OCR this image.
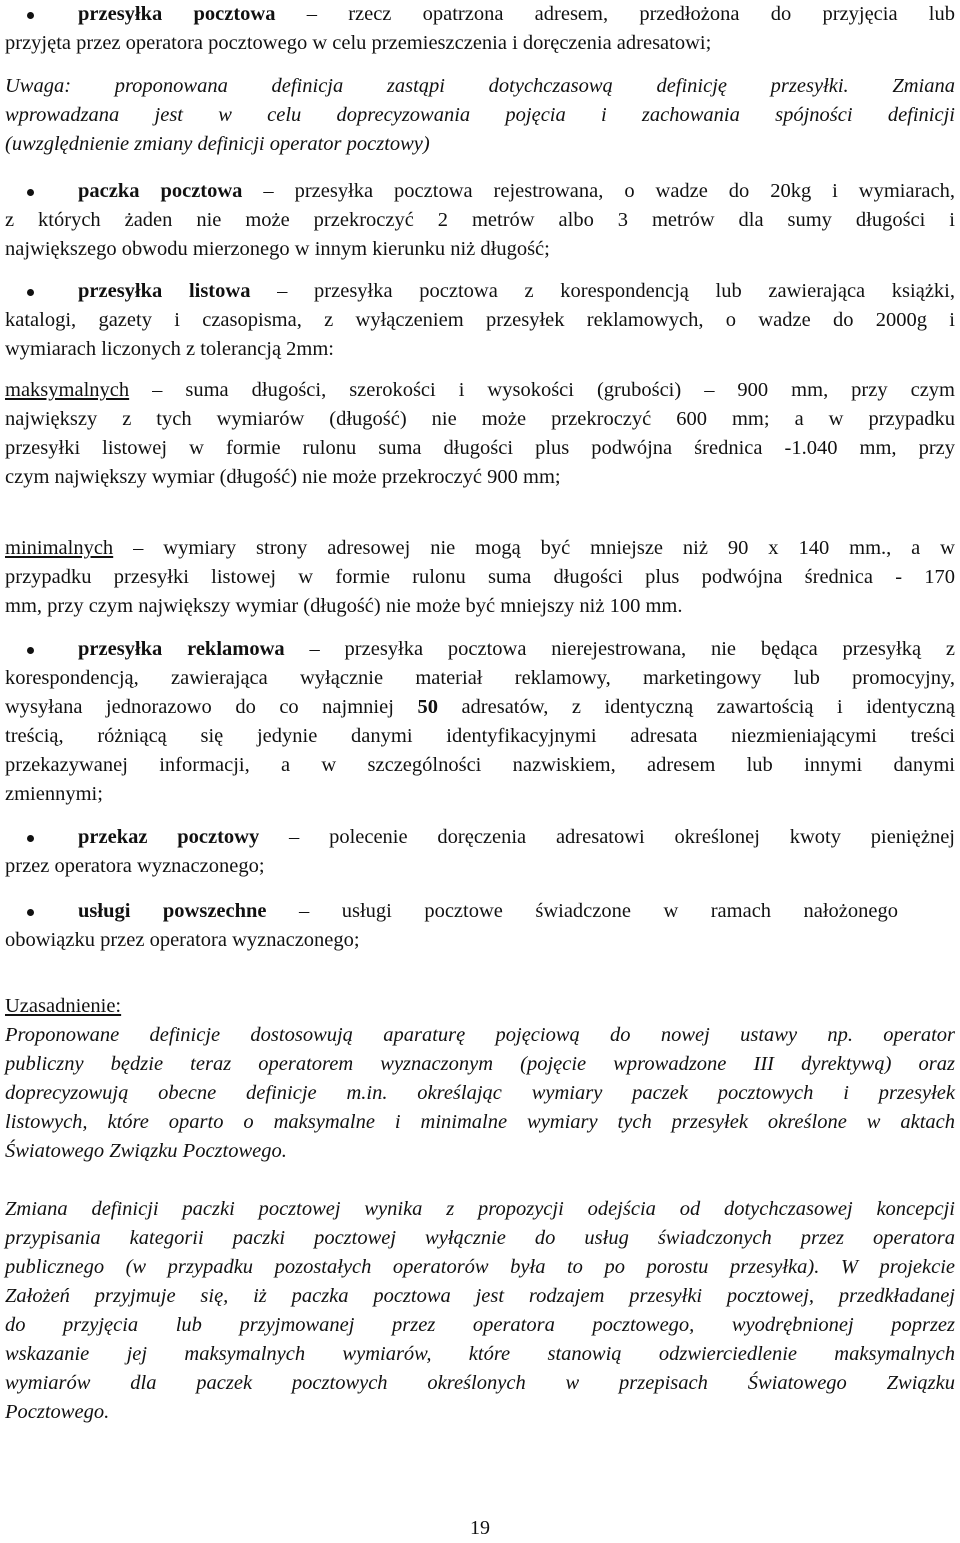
przesyłka pocztowa – rzecz opatrzona adresem, przedłożona do przyjęcia lub
przyjęta przez operatora pocztowego w celu przemieszczenia i doręczenia adresatowi;
Uwaga: proponowana definicja zastąpi dotychczasową definicję przesyłki. Zmiana
wprowadzana jest w celu doprecyzowania pojęcia i zachowania spójności definicji
(uwzględnienie zmiany definicji operator pocztowy)
paczka pocztowa – przesyłka pocztowa rejestrowana, o wadze do 20kg i wymiarach,
z których żaden nie może przekroczyć 2 metrów albo 3 metrów dla sumy długości i
największego obwodu mierzonego w innym kierunku niż długość;
przesyłka listowa – przesyłka pocztowa z korespondencją lub zawierająca książki,
katalogi, gazety i czasopisma, z wyłączeniem przesyłek reklamowych, o wadze do 2000g i
wymiarach liczonych z tolerancją 2mm:
maksymalnych – suma długości, szerokości i wysokości (grubości) – 900 mm, przy czym
największy z tych wymiarów (długość) nie może przekroczyć 600 mm; a w przypadku
przesyłki listowej w formie rulonu suma długości plus podwójna średnica -1.040 mm, przy
czym największy wymiar (długość) nie może przekroczyć 900 mm;
minimalnych – wymiary strony adresowej nie mogą być mniejsze niż 90 x 140 mm., a w
przypadku przesyłki listowej w formie rulonu suma długości plus podwójna średnica - 170
mm, przy czym największy wymiar (długość) nie może być mniejszy niż 100 mm.
przesyłka reklamowa – przesyłka pocztowa nierejestrowana, nie będąca przesyłką z
korespondencją, zawierająca wyłącznie materiał reklamowy, marketingowy lub promocyjny,
wysyłana jednorazowo do co najmniej 50 adresatów, z identyczną zawartością i identyczną
treścią, różniącą się jedynie danymi identyfikacyjnymi adresata niezmieniającymi treści
przekazywanej informacji, a w szczególności nazwiskiem, adresem lub innymi danymi
zmiennymi;
przekaz pocztowy – polecenie doręczenia adresatowi określonej kwoty pieniężnej
przez operatora wyznaczonego;
usługi powszechne – usługi pocztowe świadczone w ramach nałożonego
obowiązku przez operatora wyznaczonego;
Uzasadnienie:
Proponowane definicje dostosowują aparaturę pojęciową do nowej ustawy np. operator
publiczny będzie teraz operatorem wyznaczonym (pojęcie wprowadzone III dyrektywą) oraz
doprecyzowują obecne definicje m.in. określając wymiary paczek pocztowych i przesyłek
listowych, które oparto o maksymalne i minimalne wymiary tych przesyłek określone w aktach
Światowego Związku Pocztowego.
Zmiana definicji paczki pocztowej wynika z propozycji odejścia od dotychczasowej koncepcji
przypisania kategorii paczki pocztowej wyłącznie do usług świadczonych przez operatora
publicznego (w przypadku pozostałych operatorów była to po porostu przesyłka). W projekcie
Założeń przyjmuje się, iż paczka pocztowa jest rodzajem przesyłki pocztowej, przedkładanej
do przyjęcia lub przyjmowanej przez operatora pocztowego, wyodrębnionej poprzez
wskazanie jej maksymalnych wymiarów, które stanowią odzwierciedlenie maksymalnych
wymiarów dla paczek pocztowych określonych w przepisach Światowego Związku
Pocztowego.
19
